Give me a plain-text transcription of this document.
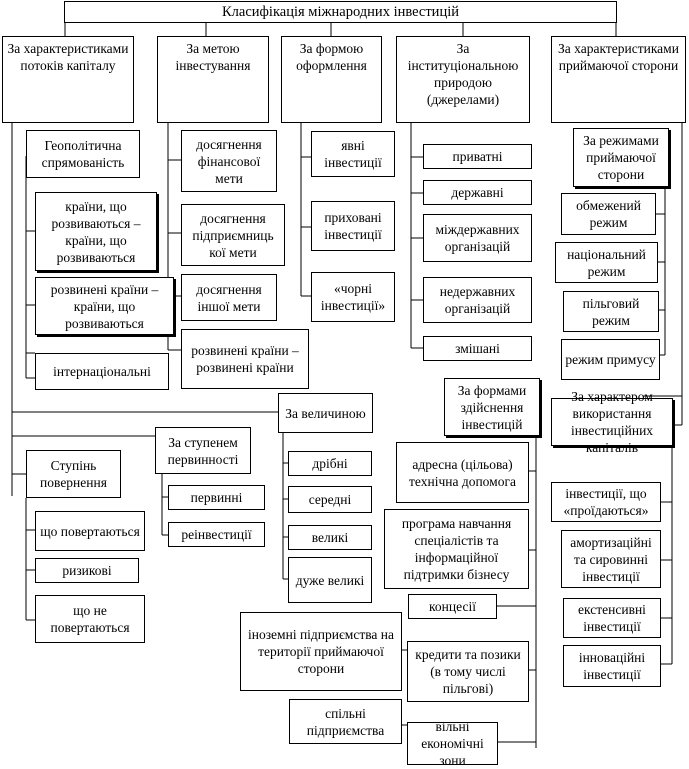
Класифікація міжнародних інвестицій
За характеристиками потоків капіталу
За метою інвестування
За формою оформлення
За інституціональною природою (джерелами)
За характеристиками приймаючої сторони
Геополітична спрямованість
країни, що розвиваються – країни, що розвиваються
розвинені країни – країни, що розвиваються
інтернаціональні
розвинені країни – розвинені країни
досягнення фінансової мети
досягнення підприємниць кої мети
досягнення іншої мети
явні інвестиції
приховані інвестиції
«чорні інвестиції»
приватні
державні
міждержавних організацій
недержавних організацій
змішані
За режимами приймаючої сторони
обмежений режим
національний режим
пільговий режим
режим примусу
За величиною
дрібні
середні
великі
дуже великі
За ступенем первинності
первинні
реінвестиції
Ступінь повернення
що повертаються
ризикові
що не повертаються
За формами здійснення інвестицій
адресна (цільова) технічна допомога
програма навчання спеціалістів та інформаційної підтримки бізнесу
концесії
іноземні підприємства на території приймаючої сторони
кредити та позики (в тому числі пільгові)
спільні підприємства	вільні економічні зони
За характером використання інвестиційних капіталів
інвестиції, що «проїдаються»
амортизаційні та сировинні інвестиції
екстенсивні інвестиції
інноваційні інвестиції
